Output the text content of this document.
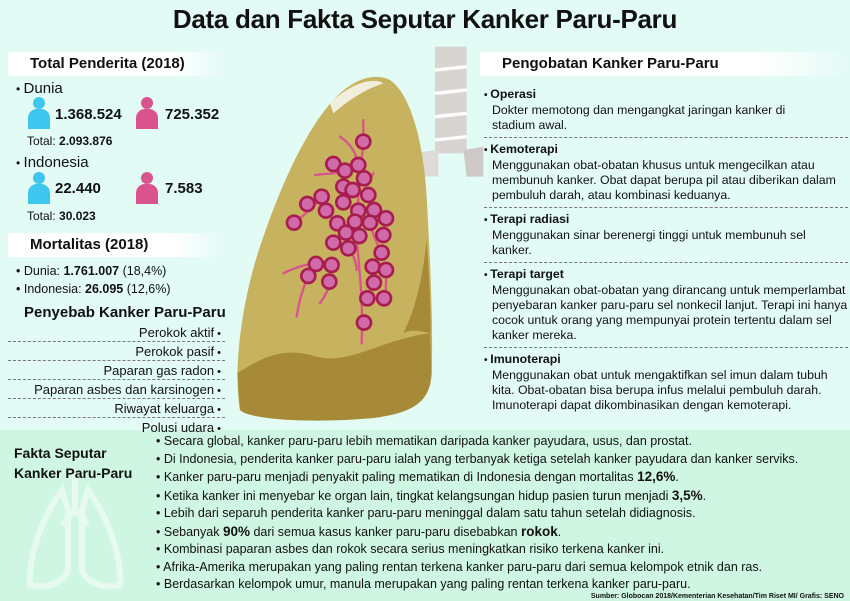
Data dan Fakta Seputar Kanker Paru-Paru
Total Penderita (2018)
• Dunia
1.368.524	725.352
Total: 2.093.876
• Indonesia
22.440	7.583
Total: 30.023
Mortalitas (2018)
• Dunia: 1.761.007 (18,4%)
• Indonesia: 26.095 (12,6%)
Penyebab Kanker Paru-Paru
Perokok aktif •
Perokok pasif •
Paparan gas radon •
Paparan asbes dan karsinogen •
Riwayat keluarga •
Polusi udara •
Pengobatan Kanker Paru-Paru
• Operasi
Dokter memotong dan mengangkat jaringan kanker di stadium awal.
• Kemoterapi
Menggunakan obat-obatan khusus untuk mengecilkan atau membunuh kanker. Obat dapat berupa pil atau diberikan dalam pembuluh darah, atau kombinasi keduanya.
• Terapi radiasi
Menggunakan sinar berenergi tinggi untuk membunuh sel kanker.
• Terapi target
Menggunakan obat-obatan yang dirancang untuk memperlambat penyebaran kanker paru-paru sel nonkecil lanjut. Terapi ini hanya cocok untuk orang yang mempunyai protein tertentu dalam sel kanker mereka.
• Imunoterapi
Menggunakan obat untuk mengaktifkan sel imun dalam tubuh kita. Obat-obatan bisa berupa infus melalui pembuluh darah. Imunoterapi dapat dikombinasikan dengan kemoterapi.
Fakta Seputar
Kanker Paru-Paru
• Secara global, kanker paru-paru lebih mematikan daripada kanker payudara, usus, dan prostat.
• Di Indonesia, penderita kanker paru-paru ialah yang terbanyak ketiga setelah kanker payudara dan kanker serviks.
• Kanker paru-paru menjadi penyakit paling mematikan di Indonesia dengan mortalitas 12,6%.
• Ketika kanker ini menyebar ke organ lain, tingkat kelangsungan hidup pasien turun menjadi 3,5%.
• Lebih dari separuh penderita kanker paru-paru meninggal dalam satu tahun setelah didiagnosis.
• Sebanyak 90% dari semua kasus kanker paru-paru disebabkan rokok.
• Kombinasi paparan asbes dan rokok secara serius meningkatkan risiko terkena kanker ini.
• Afrika-Amerika merupakan yang paling rentan terkena kanker paru-paru dari semua kelompok etnik dan ras.
• Berdasarkan kelompok umur, manula merupakan yang paling rentan terkena kanker paru-paru.
Sumber: Globocan 2018/Kementerian Kesehatan/Tim Riset MI/ Grafis: SENO
